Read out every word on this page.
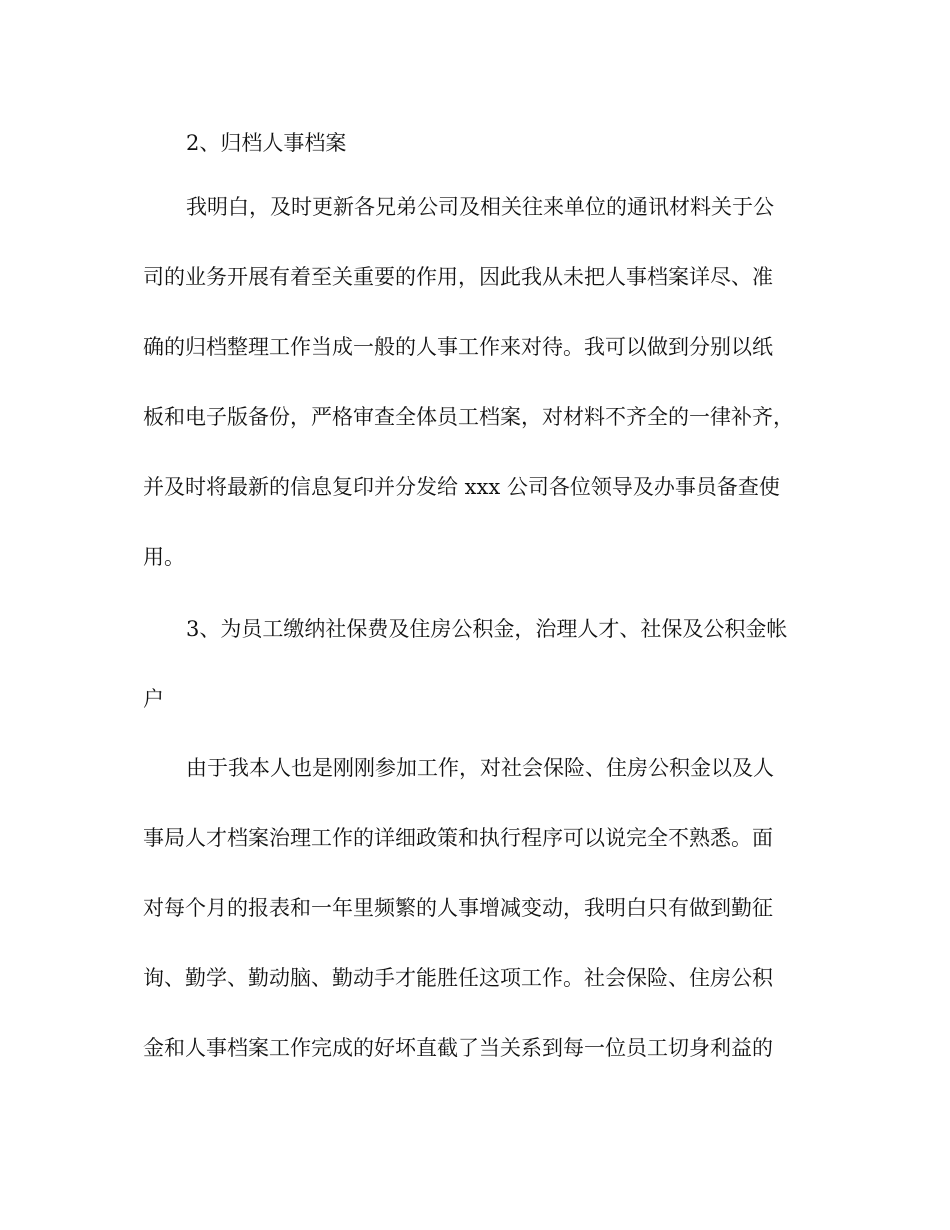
2、归档人事档案
我明白，及时更新各兄弟公司及相关往来单位的通讯材料关于公
司的业务开展有着至关重要的作用，因此我从未把人事档案详尽、准
确的归档整理工作当成一般的人事工作来对待。我可以做到分别以纸
板和电子版备份，严格审查全体员工档案，对材料不齐全的一律补齐，
并及时将最新的信息复印并分发给 xxx 公司各位领导及办事员备查使
用。
3、为员工缴纳社保费及住房公积金，治理人才、社保及公积金帐
户
由于我本人也是刚刚参加工作，对社会保险、住房公积金以及人
事局人才档案治理工作的详细政策和执行程序可以说完全不熟悉。面
对每个月的报表和一年里频繁的人事增减变动，我明白只有做到勤征
询、勤学、勤动脑、勤动手才能胜任这项工作。社会保险、住房公积
金和人事档案工作完成的好坏直截了当关系到每一位员工切身利益的
